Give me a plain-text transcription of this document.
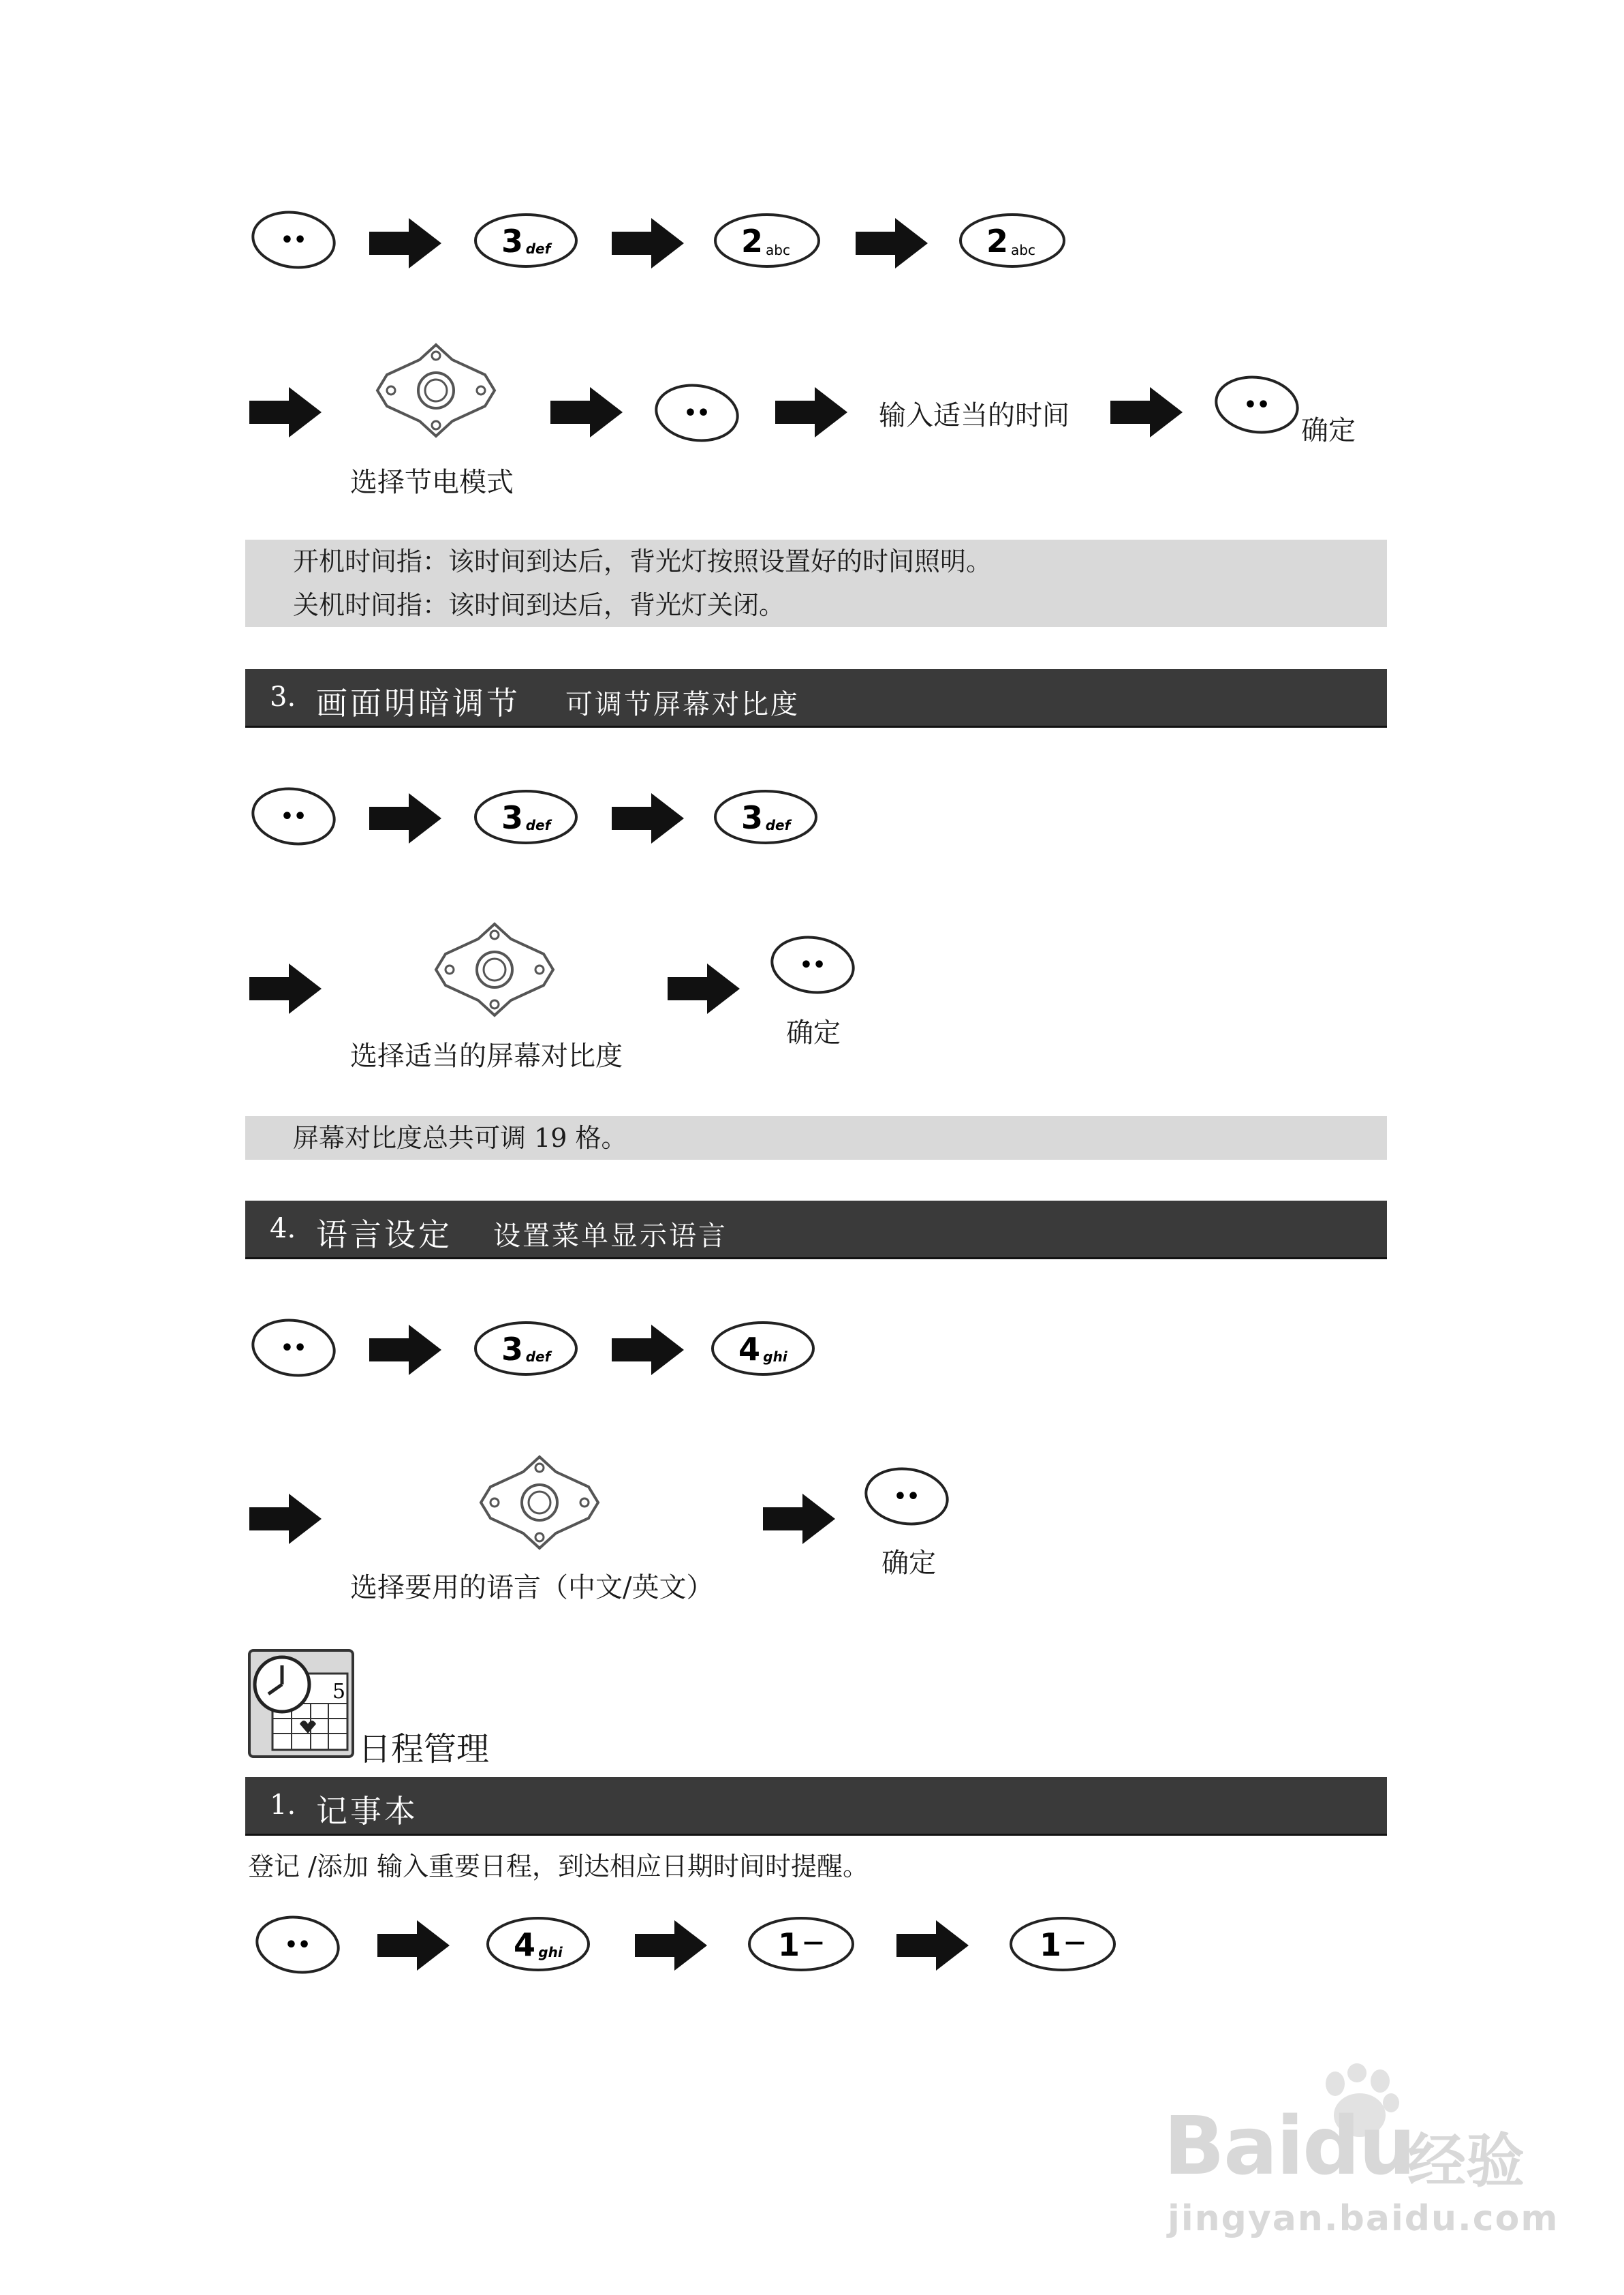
••	3 def	2 abc	2 abc
选择节电模式
••	输入适当的时间	••
确定
开机时间指：该时间到达后，背光灯按照设置好的时间照明。
关机时间指：该时间到达后，背光灯关闭。
3. 画面明暗调节 可调节屏幕对比度
••	3 def	3 def
选择适当的屏幕对比度
••
确定
屏幕对比度总共可调 19 格。
4. 语言设定 设置菜单显示语言
••	3 def	4 ghi
选择要用的语言（中文/英文）
••
确定
5
日程管理
1. 记事本
登记 /添加 输入重要日程，到达相应日期时间时提醒。
••	4 ghi	1 —	1 —
Baidu
经验
jingyan.baidu.com
